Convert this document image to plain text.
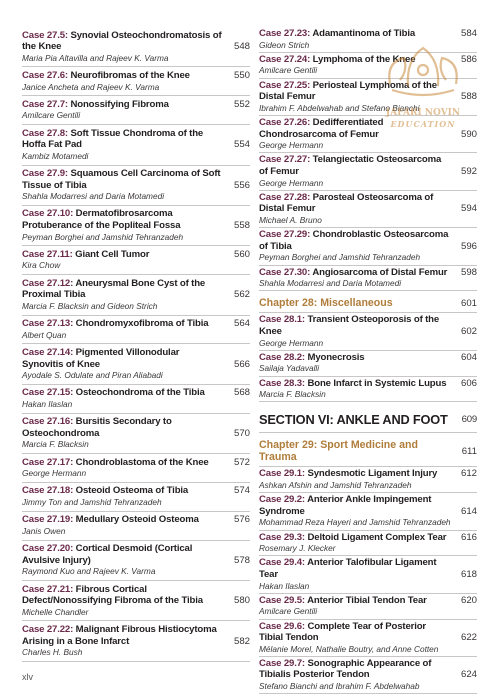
Case 27.5: Synovial Osteochondromatosis of the Knee	548
Maria Pia Altavilla and Rajeev K. Varma
Case 27.6: Neurofibromas of the Knee	550
Janice Ancheta and Rajeev K. Varma
Case 27.7: Nonossifying Fibroma	552
Amilcare Gentili
Case 27.8: Soft Tissue Chondroma of the Hoffa Fat Pad	554
Kambiz Motamedi
Case 27.9: Squamous Cell Carcinoma of Soft Tissue of Tibia	556
Shahla Modarresi and Daria Motamedi
Case 27.10: Dermatofibrosarcoma Protuberance of the Popliteal Fossa	558
Peyman Borghei and Jamshid Tehranzadeh
Case 27.11: Giant Cell Tumor	560
Kira Chow
Case 27.12: Aneurysmal Bone Cyst of the Proximal Tibia	562
Marcia F. Blacksin and Gideon Strich
Case 27.13: Chondromyxofibroma of Tibia	564
Albert Quan
Case 27.14: Pigmented Villonodular Synovitis of Knee	566
Ayodale S. Odulate and Piran Aliabadi
Case 27.15: Osteochondroma of the Tibia	568
Hakan Ilaslan
Case 27.16: Bursitis Secondary to Osteochondroma	570
Marcia F. Blacksin
Case 27.17: Chondroblastoma of the Knee	572
George Hermann
Case 27.18: Osteoid Osteoma of Tibia	574
Jimmy Ton and Jamshid Tehranzadeh
Case 27.19: Medullary Osteoid Osteoma	576
Janis Owen
Case 27.20: Cortical Desmoid (Cortical Avulsive Injury)	578
Raymond Kuo and Rajeev K. Varma
Case 27.21: Fibrous Cortical Defect/Nonossifying Fibroma of the Tibia	580
Michelle Chandler
Case 27.22: Malignant Fibrous Histiocytoma Arising in a Bone Infarct	582
Charles H. Bush
Case 27.23: Adamantinoma of Tibia	584
Gideon Strich
Case 27.24: Lymphoma of the Knee	586
Amilcare Gentili
Case 27.25: Periosteal Lymphoma of the Distal Femur	588
Ibrahim F. Abdelwahab and Stefano Bianchi
Case 27.26: Dedifferentiated Chondrosarcoma of Femur	590
George Hermann
Case 27.27: Telangiectatic Osteosarcoma of Femur	592
George Hermann
Case 27.28: Parosteal Osteosarcoma of Distal Femur	594
Michael A. Bruno
Case 27.29: Chondroblastic Osteosarcoma of Tibia	596
Peyman Borghei and Jamshid Tehranzadeh
Case 27.30: Angiosarcoma of Distal Femur	598
Shahla Modarresi and Daria Motamedi
Chapter 28: Miscellaneous	601
Case 28.1: Transient Osteoporosis of the Knee	602
George Hermann
Case 28.2: Myonecrosis	604
Sailaja Yadavalli
Case 28.3: Bone Infarct in Systemic Lupus	606
Marcia F. Blacksin
SECTION VI: ANKLE AND FOOT	609
Chapter 29: Sport Medicine and Trauma
611
Case 29.1: Syndesmotic Ligament Injury	612
Ashkan Afshin and Jamshid Tehranzadeh
Case 29.2: Anterior Ankle Impingement Syndrome	614
Mohammad Reza Hayeri and Jamshid Tehranzadeh
Case 29.3: Deltoid Ligament Complex Tear	616
Rosemary J. Klecker
Case 29.4: Anterior Talofibular Ligament Tear	618
Hakan Ilaslan
Case 29.5: Anterior Tibial Tendon Tear	620
Amilcare Gentili
Case 29.6: Complete Tear of Posterior Tibial Tendon	622
Mélanie Morel, Nathalie Boutry, and Anne Cotten
Case 29.7: Sonographic Appearance of Tibialis Posterior Tendon	624
Stefano Bianchi and Ibrahim F. Abdelwahab
JAFARI NOVIN
EDUCATION
xlv
